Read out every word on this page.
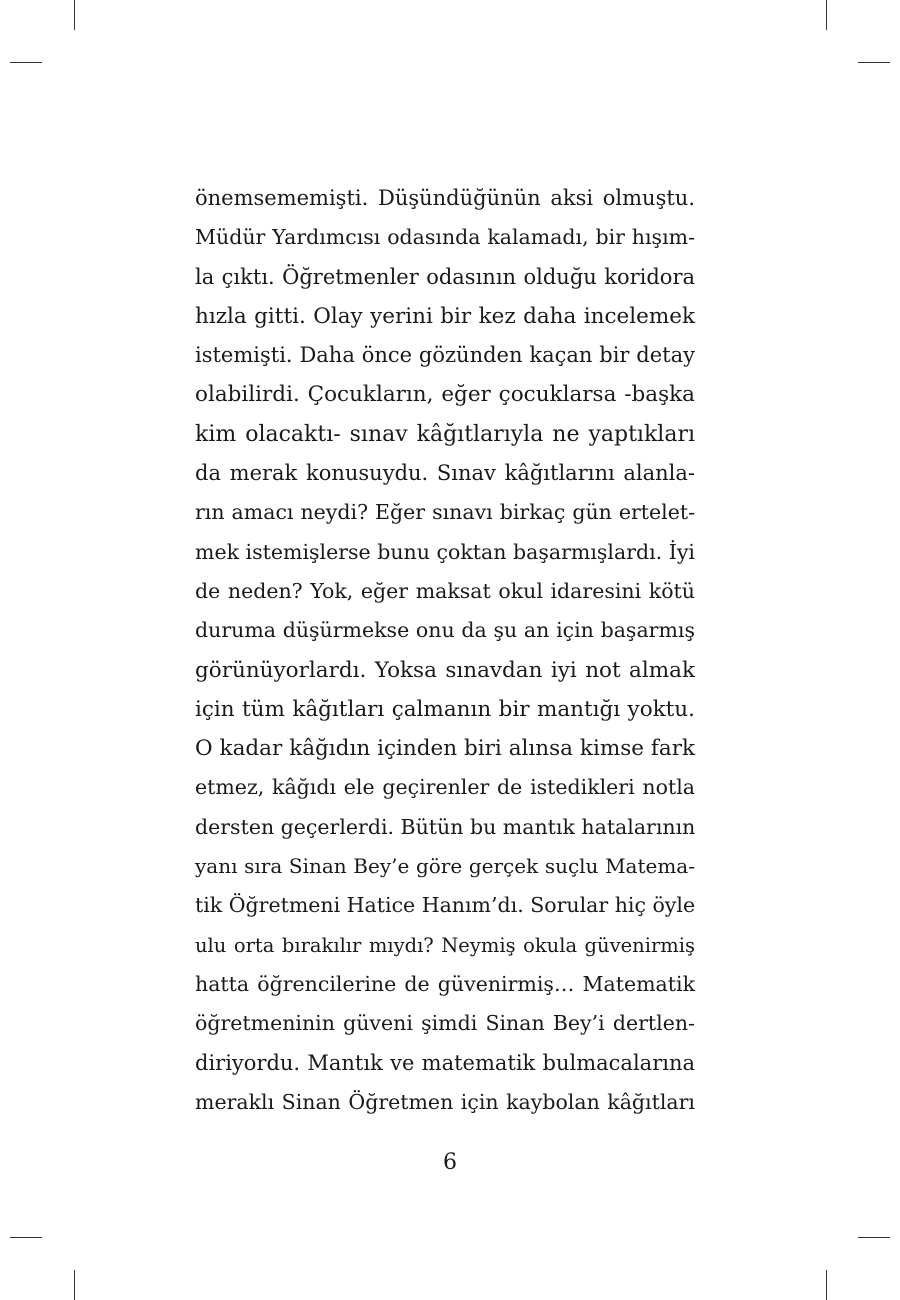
önemsememişti. Düşündüğünün aksi olmuştu.
Müdür Yardımcısı odasında kalamadı, bir hışım-
la çıktı. Öğretmenler odasının olduğu koridora
hızla gitti. Olay yerini bir kez daha incelemek
istemişti. Daha önce gözünden kaçan bir detay
olabilirdi. Çocukların, eğer çocuklarsa -başka
kim olacaktı- sınav kâğıtlarıyla ne yaptıkları
da merak konusuydu. Sınav kâğıtlarını alanla-
rın amacı neydi? Eğer sınavı birkaç gün ertelet-
mek istemişlerse bunu çoktan başarmışlardı. İyi
de neden? Yok, eğer maksat okul idaresini kötü
duruma düşürmekse onu da şu an için başarmış
görünüyorlardı. Yoksa sınavdan iyi not almak
için tüm kâğıtları çalmanın bir mantığı yoktu.
O kadar kâğıdın içinden biri alınsa kimse fark
etmez, kâğıdı ele geçirenler de istedikleri notla
dersten geçerlerdi. Bütün bu mantık hatalarının
yanı sıra Sinan Bey’e göre gerçek suçlu Matema-
tik Öğretmeni Hatice Hanım’dı. Sorular hiç öyle
ulu orta bırakılır mıydı? Neymiş okula güvenirmiş
hatta öğrencilerine de güvenirmiş… Matematik
öğretmeninin güveni şimdi Sinan Bey’i dertlen-
diriyordu. Mantık ve matematik bulmacalarına
meraklı Sinan Öğretmen için kaybolan kâğıtları
6
